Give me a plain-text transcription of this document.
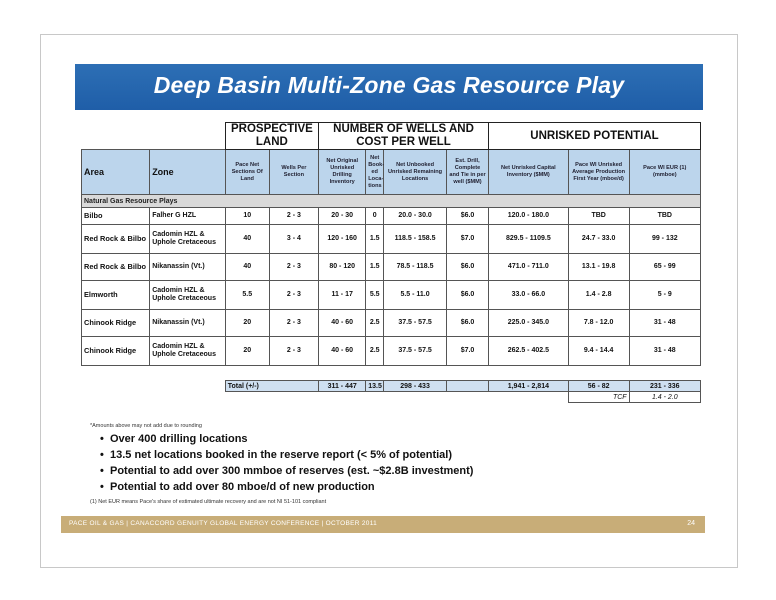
Deep Basin Multi-Zone Gas Resource Play
		PROSPECTIVE LAND		NUMBER OF WELLS AND COST PER WELL				UNRISKED POTENTIAL		
Area	Zone	Pace Net Sections Of Land	Wells Per Section	Net Original Unrisked Drilling Inventory	Net Book-ed Loca-tions	Net Unbooked Unrisked Remaining Locations	Est. Drill, Complete and Tie in per well ($MM)	Net Unrisked Capital Inventory ($MM)	Pace WI Unrisked Average Production First Year (mboe/d)	Pace WI EUR (1) (mmboe)
Natural Gas Resource Plays										
Bilbo	Falher G HZL	10	2 - 3	20 - 30	0	20.0 - 30.0	$6.0	120.0 - 180.0	TBD	TBD
Red Rock & Bilbo	Cadomin HZL & Uphole Cretaceous	40	3 - 4	120 - 160	1.5	118.5 - 158.5	$7.0	829.5 - 1109.5	24.7 - 33.0	99 - 132
Red Rock & Bilbo	Nikanassin (Vt.)	40	2 - 3	80 - 120	1.5	78.5 - 118.5	$6.0	471.0 - 711.0	13.1 - 19.8	65 - 99
Elmworth	Cadomin HZL & Uphole Cretaceous	5.5	2 - 3	11 - 17	5.5	5.5 - 11.0	$6.0	33.0 - 66.0	1.4 - 2.8	5 - 9
Chinook Ridge	Nikanassin (Vt.)	20	2 - 3	40 - 60	2.5	37.5 - 57.5	$6.0	225.0 - 345.0	7.8 - 12.0	31 - 48
Chinook Ridge	Cadomin HZL & Uphole Cretaceous	20	2 - 3	40 - 60	2.5	37.5 - 57.5	$7.0	262.5 - 402.5	9.4 - 14.4	31 - 48

		Total (+/-)		311 - 447	13.5	298 - 433		1,941 - 2,814	56 - 82	231 - 336
									TCF	1.4 - 2.0
*Amounts above may not add due to rounding
• Over 400 drilling locations
• 13.5 net locations booked in the reserve report (< 5% of potential)
• Potential to add over 300 mmboe of reserves (est. ~$2.8B investment)
• Potential to add over 80 mboe/d of new production
(1) Net EUR means Pace's share of estimated ultimate recovery and are not NI 51-101 compliant
PACE OIL & GAS | CANACCORD GENUITY GLOBAL ENERGY CONFERENCE | OCTOBER 2011	24
